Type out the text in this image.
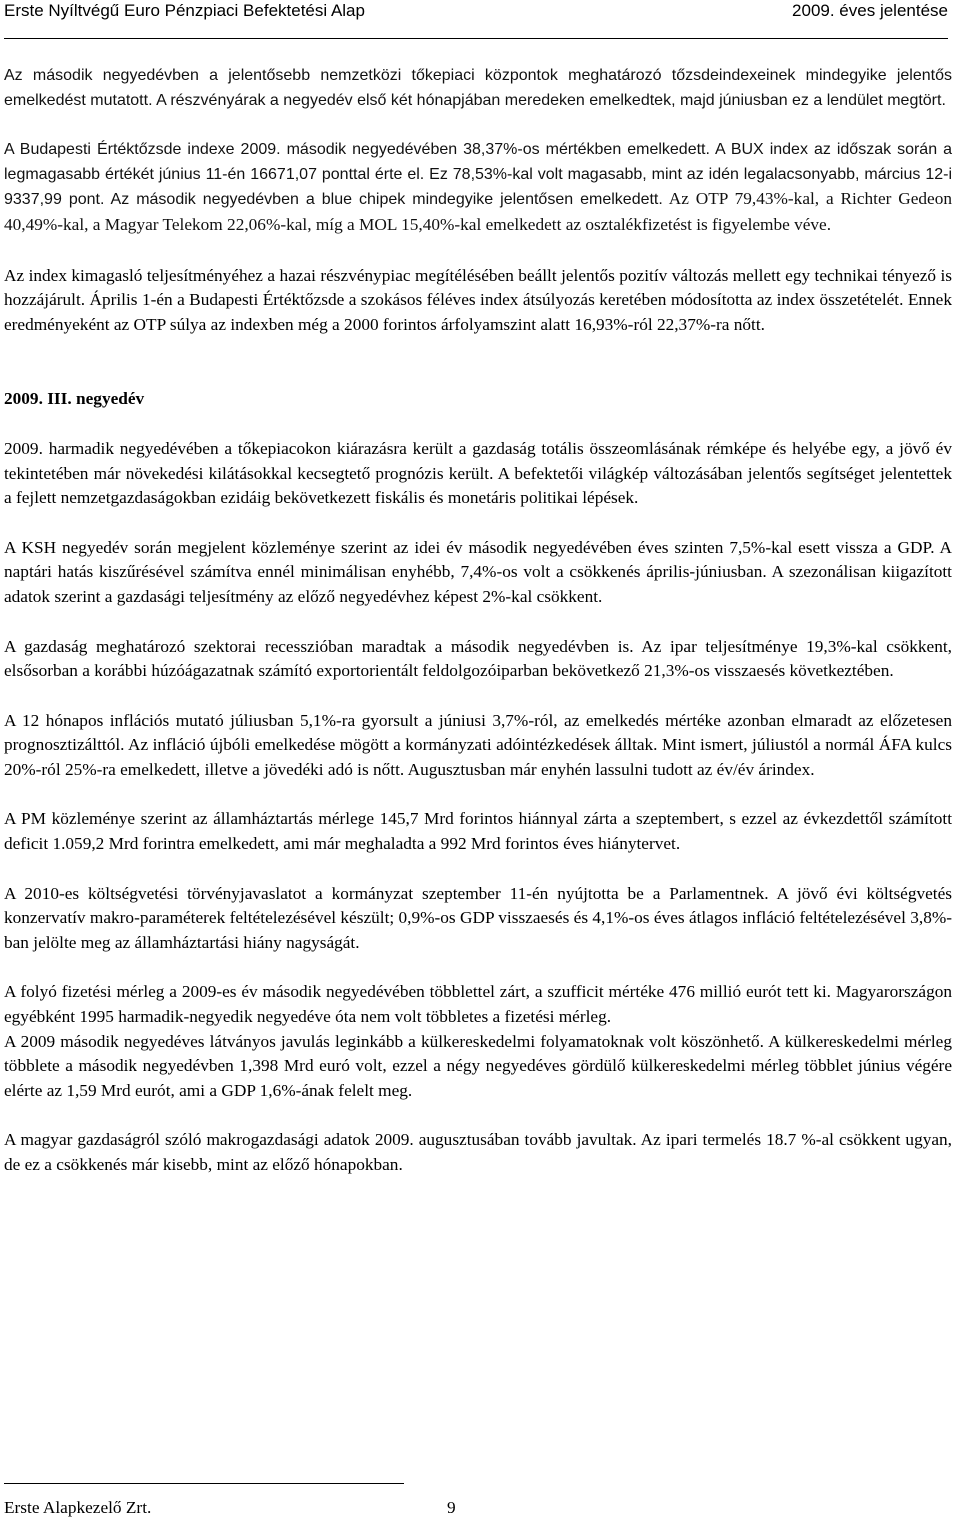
Erste Nyíltvégű Euro Pénzpiaci Befektetési Alap	2009. éves jelentése

Az második negyedévben a jelentősebb nemzetközi tőkepiaci központok meghatározó tőzsdeindexeinek mindegyike jelentős emelkedést mutatott. A részvényárak a negyedév első két hónapjában meredeken emelkedtek, majd júniusban ez a lendület megtört.

A Budapesti Értéktőzsde indexe 2009. második negyedévében 38,37%-os mértékben emelkedett. A BUX index az időszak során a legmagasabb értékét június 11-én 16671,07 ponttal érte el. Ez 78,53%-kal volt magasabb, mint az idén legalacsonyabb, március 12-i 9337,99 pont. Az második negyedévben a blue chipek mindegyike jelentősen emelkedett. Az OTP 79,43%-kal, a Richter Gedeon 40,49%-kal, a Magyar Telekom 22,06%-kal, míg a MOL 15,40%-kal emelkedett az osztalékfizetést is figyelembe véve.

Az index kimagasló teljesítményéhez a hazai részvénypiac megítélésében beállt jelentős pozitív változás mellett egy technikai tényező is hozzájárult. Április 1-én a Budapesti Értéktőzsde a szokásos féléves index átsúlyozás keretében módosította az index összetételét. Ennek eredményeként az OTP súlya az indexben még a 2000 forintos árfolyamszint alatt 16,93%-ról 22,37%-ra nőtt.

2009. III. negyedév

2009. harmadik negyedévében a tőkepiacokon kiárazásra került a gazdaság totális összeomlásának rémképe és helyébe egy, a jövő év tekintetében már növekedési kilátásokkal kecsegtető prognózis került. A befektetői világkép változásában jelentős segítséget jelentettek a fejlett nemzetgazdaságokban ezidáig bekövetkezett fiskális és monetáris politikai lépések.

A KSH negyedév során megjelent közleménye szerint az idei év második negyedévében éves szinten 7,5%-kal esett vissza a GDP. A naptári hatás kiszűrésével számítva ennél minimálisan enyhébb, 7,4%-os volt a csökkenés április-júniusban. A szezonálisan kiigazított adatok szerint a gazdasági teljesítmény az előző negyedévhez képest 2%-kal csökkent.

A gazdaság meghatározó szektorai recesszióban maradtak a második negyedévben is. Az ipar teljesítménye 19,3%-kal csökkent, elsősorban a korábbi húzóágazatnak számító exportorientált feldolgozóiparban bekövetkező 21,3%-os visszaesés következtében.

A 12 hónapos inflációs mutató júliusban 5,1%-ra gyorsult a júniusi 3,7%-ról, az emelkedés mértéke azonban elmaradt az előzetesen prognosztizálttól. Az infláció újbóli emelkedése mögött a kormányzati adóintézkedések álltak. Mint ismert, júliustól a normál ÁFA kulcs 20%-ról 25%-ra emelkedett, illetve a jövedéki adó is nőtt. Augusztusban már enyhén lassulni tudott az év/év árindex.

A PM közleménye szerint az államháztartás mérlege 145,7 Mrd forintos hiánnyal zárta a szeptembert, s ezzel az évkezdettől számított deficit 1.059,2 Mrd forintra emelkedett, ami már meghaladta a 992 Mrd forintos éves hiánytervet.

A 2010-es költségvetési törvényjavaslatot a kormányzat szeptember 11-én nyújtotta be a Parlamentnek. A jövő évi költségvetés konzervatív makro-paraméterek feltételezésével készült; 0,9%-os GDP visszaesés és 4,1%-os éves átlagos infláció feltételezésével 3,8%-ban jelölte meg az államháztartási hiány nagyságát.

A folyó fizetési mérleg a 2009-es év második negyedévében többlettel zárt, a szufficit mértéke 476 millió eurót tett ki. Magyarországon egyébként 1995 harmadik-negyedik negyedéve óta nem volt többletes a fizetési mérleg.

A 2009 második negyedéves látványos javulás leginkább a külkereskedelmi folyamatoknak volt köszönhető. A külkereskedelmi mérleg többlete a második negyedévben 1,398 Mrd euró volt, ezzel a négy negyedéves gördülő külkereskedelmi mérleg többlet június végére elérte az 1,59 Mrd eurót, ami a GDP 1,6%-ának felelt meg.

A magyar gazdaságról szóló makrogazdasági adatok 2009. augusztusában tovább javultak. Az ipari termelés 18.7 %-al csökkent ugyan, de ez a csökkenés már kisebb, mint az előző hónapokban.

Erste Alapkezelő Zrt.	9
